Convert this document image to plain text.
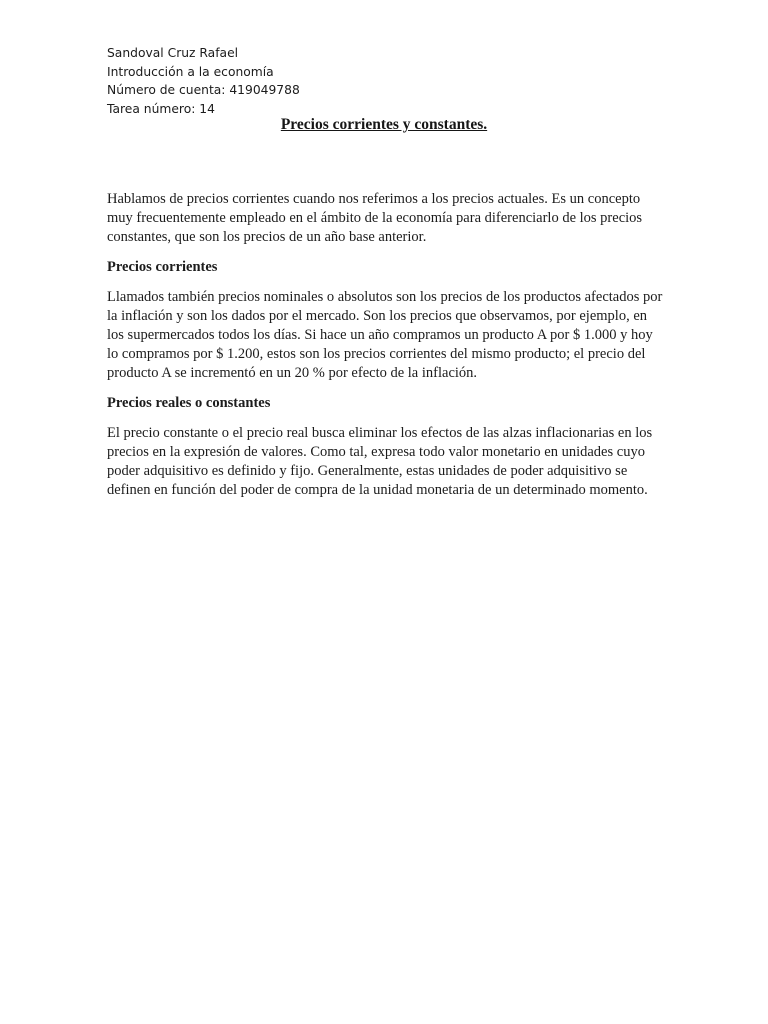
Sandoval Cruz Rafael
Introducción a la economía
Número de cuenta: 419049788
Tarea número: 14
Precios corrientes y constantes.

Hablamos de precios corrientes cuando nos referimos a los precios actuales. Es un concepto muy frecuentemente empleado en el ámbito de la economía para diferenciarlo de los precios constantes, que son los precios de un año base anterior.

Precios corrientes

Llamados también precios nominales o absolutos son los precios de los productos afectados por la inflación y son los dados por el mercado. Son los precios que observamos, por ejemplo, en los supermercados todos los días. Si hace un año compramos un producto A por $ 1.000 y hoy lo compramos por $ 1.200, estos son los precios corrientes del mismo producto; el precio del producto A se incrementó en un 20 % por efecto de la inflación.

Precios reales o constantes

El precio constante o el precio real busca eliminar los efectos de las alzas inflacionarias en los precios en la expresión de valores. Como tal, expresa todo valor monetario en unidades cuyo poder adquisitivo es definido y fijo. Generalmente, estas unidades de poder adquisitivo se definen en función del poder de compra de la unidad monetaria de un determinado momento.
